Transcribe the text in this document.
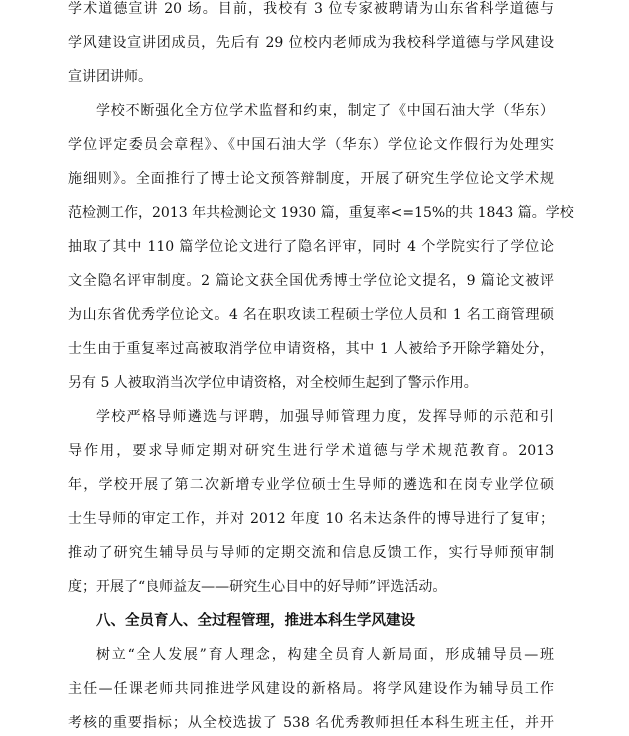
学术道德宣讲 20 场。目前，我校有 3 位专家被聘请为山东省科学道德与
学风建设宣讲团成员，先后有 29 位校内老师成为我校科学道德与学风建设
宣讲团讲师。
学校不断强化全方位学术监督和约束，制定了《中国石油大学（华东）
学位评定委员会章程》、《中国石油大学（华东）学位论文作假行为处理实
施细则》。全面推行了博士论文预答辩制度，开展了研究生学位论文学术规
范检测工作，2013 年共检测论文 1930 篇，重复率<=15%的共 1843 篇。学校
抽取了其中 110 篇学位论文进行了隐名评审，同时 4 个学院实行了学位论
文全隐名评审制度。2 篇论文获全国优秀博士学位论文提名，9 篇论文被评
为山东省优秀学位论文。4 名在职攻读工程硕士学位人员和 1 名工商管理硕
士生由于重复率过高被取消学位申请资格，其中 1 人被给予开除学籍处分，
另有 5 人被取消当次学位申请资格，对全校师生起到了警示作用。
学校严格导师遴选与评聘，加强导师管理力度，发挥导师的示范和引
导作用，要求导师定期对研究生进行学术道德与学术规范教育。2013
年，学校开展了第二次新增专业学位硕士生导师的遴选和在岗专业学位硕
士生导师的审定工作，并对 2012 年度 10 名未达条件的博导进行了复审；
推动了研究生辅导员与导师的定期交流和信息反馈工作，实行导师预审制
度；开展了“良师益友——研究生心目中的好导师”评选活动。
八、全员育人、全过程管理，推进本科生学风建设
树立“全人发展”育人理念，构建全员育人新局面，形成辅导员—班
主任—任课老师共同推进学风建设的新格局。将学风建设作为辅导员工作
考核的重要指标；从全校选拔了 538 名优秀教师担任本科生班主任，并开
